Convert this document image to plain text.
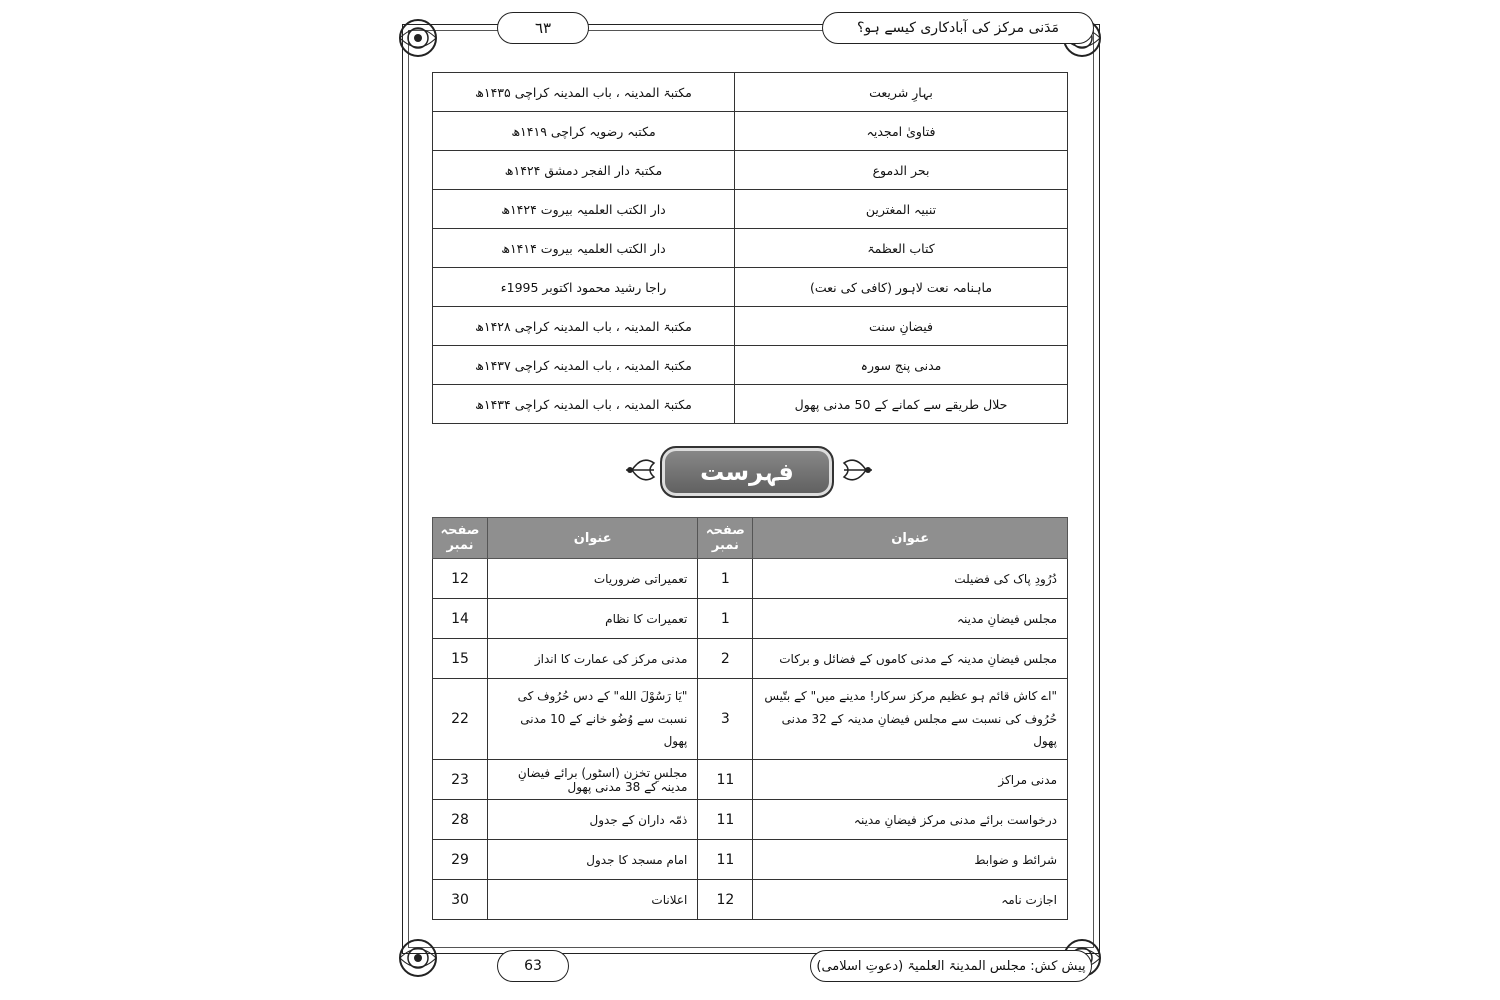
مَدَنی مرکز کی آبادکاری کیسے ہو؟
٦٣
بہارِ شریعت	مکتبۃ المدینہ ، باب المدینہ کراچی ۱۴۳۵ھ
فتاویٰ امجدیہ	مکتبہ رضویہ کراچی ۱۴۱۹ھ
بحر الدموع	مکتبۃ دار الفجر دمشق ۱۴۲۴ھ
تنبیہ المغترین	دار الکتب العلمیہ بیروت ۱۴۲۴ھ
کتاب العظمۃ	دار الکتب العلمیہ بیروت ۱۴۱۴ھ
ماہنامہ نعت لاہور (کافی کی نعت)	راجا رشید محمود اکتوبر 1995ء
فیضانِ سنت	مکتبۃ المدینہ ، باب المدینہ کراچی ۱۴۲۸ھ
مدنی پنج سورہ	مکتبۃ المدینہ ، باب المدینہ کراچی ۱۴۳۷ھ
حلال طریقے سے کمانے کے 50 مدنی پھول	مکتبۃ المدینہ ، باب المدینہ کراچی ۱۴۳۴ھ
فہرست
عنوان	صفحہ نمبر	عنوان	صفحہ نمبر
دُرُودِ پاک کی فضیلت	1	تعمیراتی ضروریات	12
مجلس فیضانِ مدینہ	1	تعمیرات کا نظام	14
مجلس فیضانِ مدینہ کے مدنی کاموں کے فضائل و برکات	2	مدنی مرکز کی عمارت کا انداز	15
"اے کاش قائم ہو عظیم مرکز سرکار! مدینے میں" کے بتّیس حُرُوف کی نسبت سے مجلس فیضانِ مدینہ کے 32 مدنی پھول	3	"یَا رَسُوْلَ الله" کے دس حُرُوف کی نسبت سے وُضُو خانے کے 10 مدنی پھول	22
مدنی مراکز	11	مجلسِ تخزن (اسٹور) برائے فیضانِ مدینہ کے 38 مدنی پھول	23
درخواست برائے مدنی مرکز فیضانِ مدینہ	11	ذمّہ داران کے جدول	28
شرائط و ضوابط	11	امام مسجد کا جدول	29
اجازت نامہ	12	اعلانات	30
پیش کش: مجلس المدینۃ العلمیۃ (دعوتِ اسلامی)
63
